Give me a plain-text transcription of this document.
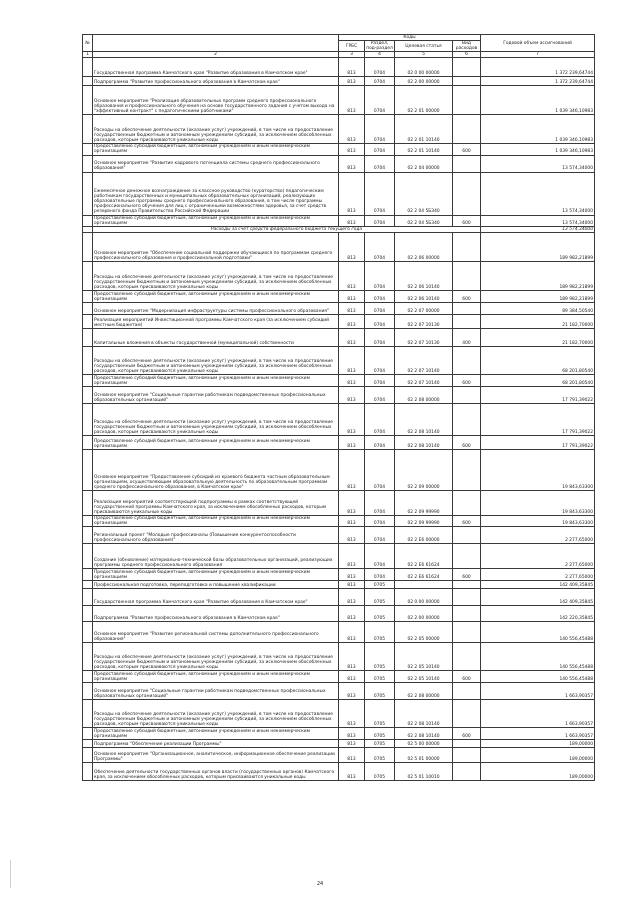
№		Коды				Годовой объем ассигнований
		ГРБС	Раздел, под-раздел	Целевая статья	Вид расходов	
1	2	3	4	5	6	7
	Государственная программа Камчатского края "Развитие образования в Камчатском крае"	813	0704	02 0 00 00000		1 372 239,64744
	Подпрограмма "Развитие профессионального образования в Камчатском крае"	813	0704	02 2 00 00000		1 372 239,64744
	Основное мероприятие "Реализация образовательных программ среднего профессионального образования и профессионального обучения на основе государственного задания с учетом выхода на "эффективный контракт" с педагогическими работниками"	813	0704	02 2 01 00000		1 039 346,10983
	Расходы на обеспечение деятельности (оказание услуг) учреждений, в том числе на предоставление государственным бюджетным и автономным учреждениям субсидий, за исключением обособленных расходов, которым присваиваются уникальные коды	813	0704	02 2 01 10140		1 039 346,10983
	Предоставление субсидий бюджетным, автономным учреждениям и иным некоммерческим организациям	813	0704	02 2 01 10140	600	1 039 346,10983
	Основное мероприятие "Развитие кадрового потенциала системы среднего профессионального образования"	813	0704	02 2 04 00000		13 574,34000
	Ежемесячное денежное вознаграждение за классное руководство (кураторство) педагогическим работникам государственных и муниципальных образовательных организаций, реализующих образовательные программы среднего профессионального образования, в том числе программы профессионального обучения для лиц с ограниченными возможностями здоровья, за счет средств резервного фонда Правительства Российской Федерации	813	0704	02 2 04 5Б340		13 574,34000
	Предоставление субсидий бюджетным, автономным учреждениям и иным некоммерческим организациям	813	0704	02 2 04 5Б340	600	13 574,34000
	Расходы за счет средств федерального бюджета текущего года					13 574,34000
	Основное мероприятие "Обеспечение социальной поддержки обучающихся по программам среднего профессионального образования и профессиональной подготовки"	813	0704	02 2 06 00000		189 982,21899
	Расходы на обеспечение деятельности (оказание услуг) учреждений, в том числе на предоставление государственным бюджетным и автономным учреждениям субсидий, за исключением обособленных расходов, которым присваиваются уникальные коды	813	0704	02 2 06 10140		189 982,21899
	Предоставление субсидий бюджетным, автономным учреждениям и иным некоммерческим организациям	813	0704	02 2 06 10140	600	189 982,21899
	Основное мероприятие "Модернизация инфраструктуры системы профессионального образования"	813	0704	02 2 07 00000		89 384,50540
	Реализация мероприятий Инвестиционной программы Камчатского края (за исключением субсидий местным бюджетам)	813	0704	02 2 07 10130		21 182,70000
	Капитальные вложения в объекты государственной (муниципальной) собственности	813	0704	02 2 07 10130	400	21 182,70000
	Расходы на обеспечение деятельности (оказание услуг) учреждений, в том числе на предоставление государственным бюджетным и автономным учреждениям субсидий, за исключением обособленных расходов, которым присваиваются уникальные коды	813	0704	02 2 07 10140		68 201,80540
	Предоставление субсидий бюджетным, автономным учреждениям и иным некоммерческим организациям	813	0704	02 2 07 10140	600	68 201,80540
	Основное мероприятие "Социальные гарантии работникам подведомственных профессиональных образовательных организаций"	813	0704	02 2 08 00000		17 791,39022
	Расходы на обеспечение деятельности (оказание услуг) учреждений, в том числе на предоставление государственным бюджетным и автономным учреждениям субсидий, за исключением обособленных расходов, которым присваиваются уникальные коды	813	0704	02 2 08 10140		17 791,39022
	Предоставление субсидий бюджетным, автономным учреждениям и иным некоммерческим организациям	813	0704	02 2 08 10140	600	17 791,39022
	Основное мероприятие "Предоставление субсидий из краевого бюджета частным образовательным организациям, осуществляющим образовательную деятельность по образовательным программам среднего профессионального образования, в Камчатском крае"	813	0704	02 2 09 00000		19 843,63300
	Реализация мероприятий соответствующей подпрограммы в рамках соответствующей государственной программы Камчатского края, за исключением обособленных расходов, которым присваиваются уникальные коды	813	0704	02 2 09 99990		19 843,63300
	Предоставление субсидий бюджетным, автономным учреждениям и иным некоммерческим организациям	813	0704	02 2 09 99990	600	19 843,63300
	Региональный проект "Молодые профессионалы (Повышение конкурентоспособности профессионального образования)"	813	0704	02 2 Е6 00000		2 277,65000
	Создание (обновление) материально-технической базы образовательных организаций, реализующих программы среднего профессионального образования	813	0704	02 2 Е6 61624		2 277,65000
	Предоставление субсидий бюджетным, автономным учреждениям и иным некоммерческим организациям	813	0704	02 2 Е6 61624	600	2 277,65000
	Профессиональная подготовка, переподготовка и повышение квалификации	813	0705			142 409,35845
	Государственная программа Камчатского края "Развитие образования в Камчатском крае"	813	0705	02 0 00 00000		142 409,35845
	Подпрограмма "Развитие профессионального образования в Камчатском крае"	813	0705	02 2 00 00000		142 220,35845
	Основное мероприятие "Развитие региональной системы дополнительного профессионального образования"	813	0705	02 2 05 00000		140 556,45488
	Расходы на обеспечение деятельности (оказание услуг) учреждений, в том числе на предоставление государственным бюджетным и автономным учреждениям субсидий, за исключением обособленных расходов, которым присваиваются уникальные коды	813	0705	02 2 05 10140		140 556,45488
	Предоставление субсидий бюджетным, автономным учреждениям и иным некоммерческим организациям	813	0705	02 2 05 10140	600	140 556,45488
	Основное мероприятие "Социальные гарантии работникам подведомственных профессиональных образовательных организаций"	813	0705	02 2 08 00000		1 663,90357
	Расходы на обеспечение деятельности (оказание услуг) учреждений, в том числе на предоставление государственным бюджетным и автономным учреждениям субсидий, за исключением обособленных расходов, которым присваиваются уникальные коды	813	0705	02 2 08 10140		1 663,90357
	Предоставление субсидий бюджетным, автономным учреждениям и иным некоммерческим организациям	813	0705	02 2 08 10140	600	1 663,90357
	Подпрограмма "Обеспечение реализации Программы"	813	0705	02 5 00 00000		189,00000
	Основное мероприятие "Организационное, аналитическое, информационное обеспечение реализации Программы"	813	0705	02 5 01 00000		189,00000
	Обеспечение деятельности государственных органов власти (государственных органов) Камчатского края, за исключением обособленных расходов, которым присваиваются уникальные коды	813	0705	02 5 01 10010		189,00000
24
